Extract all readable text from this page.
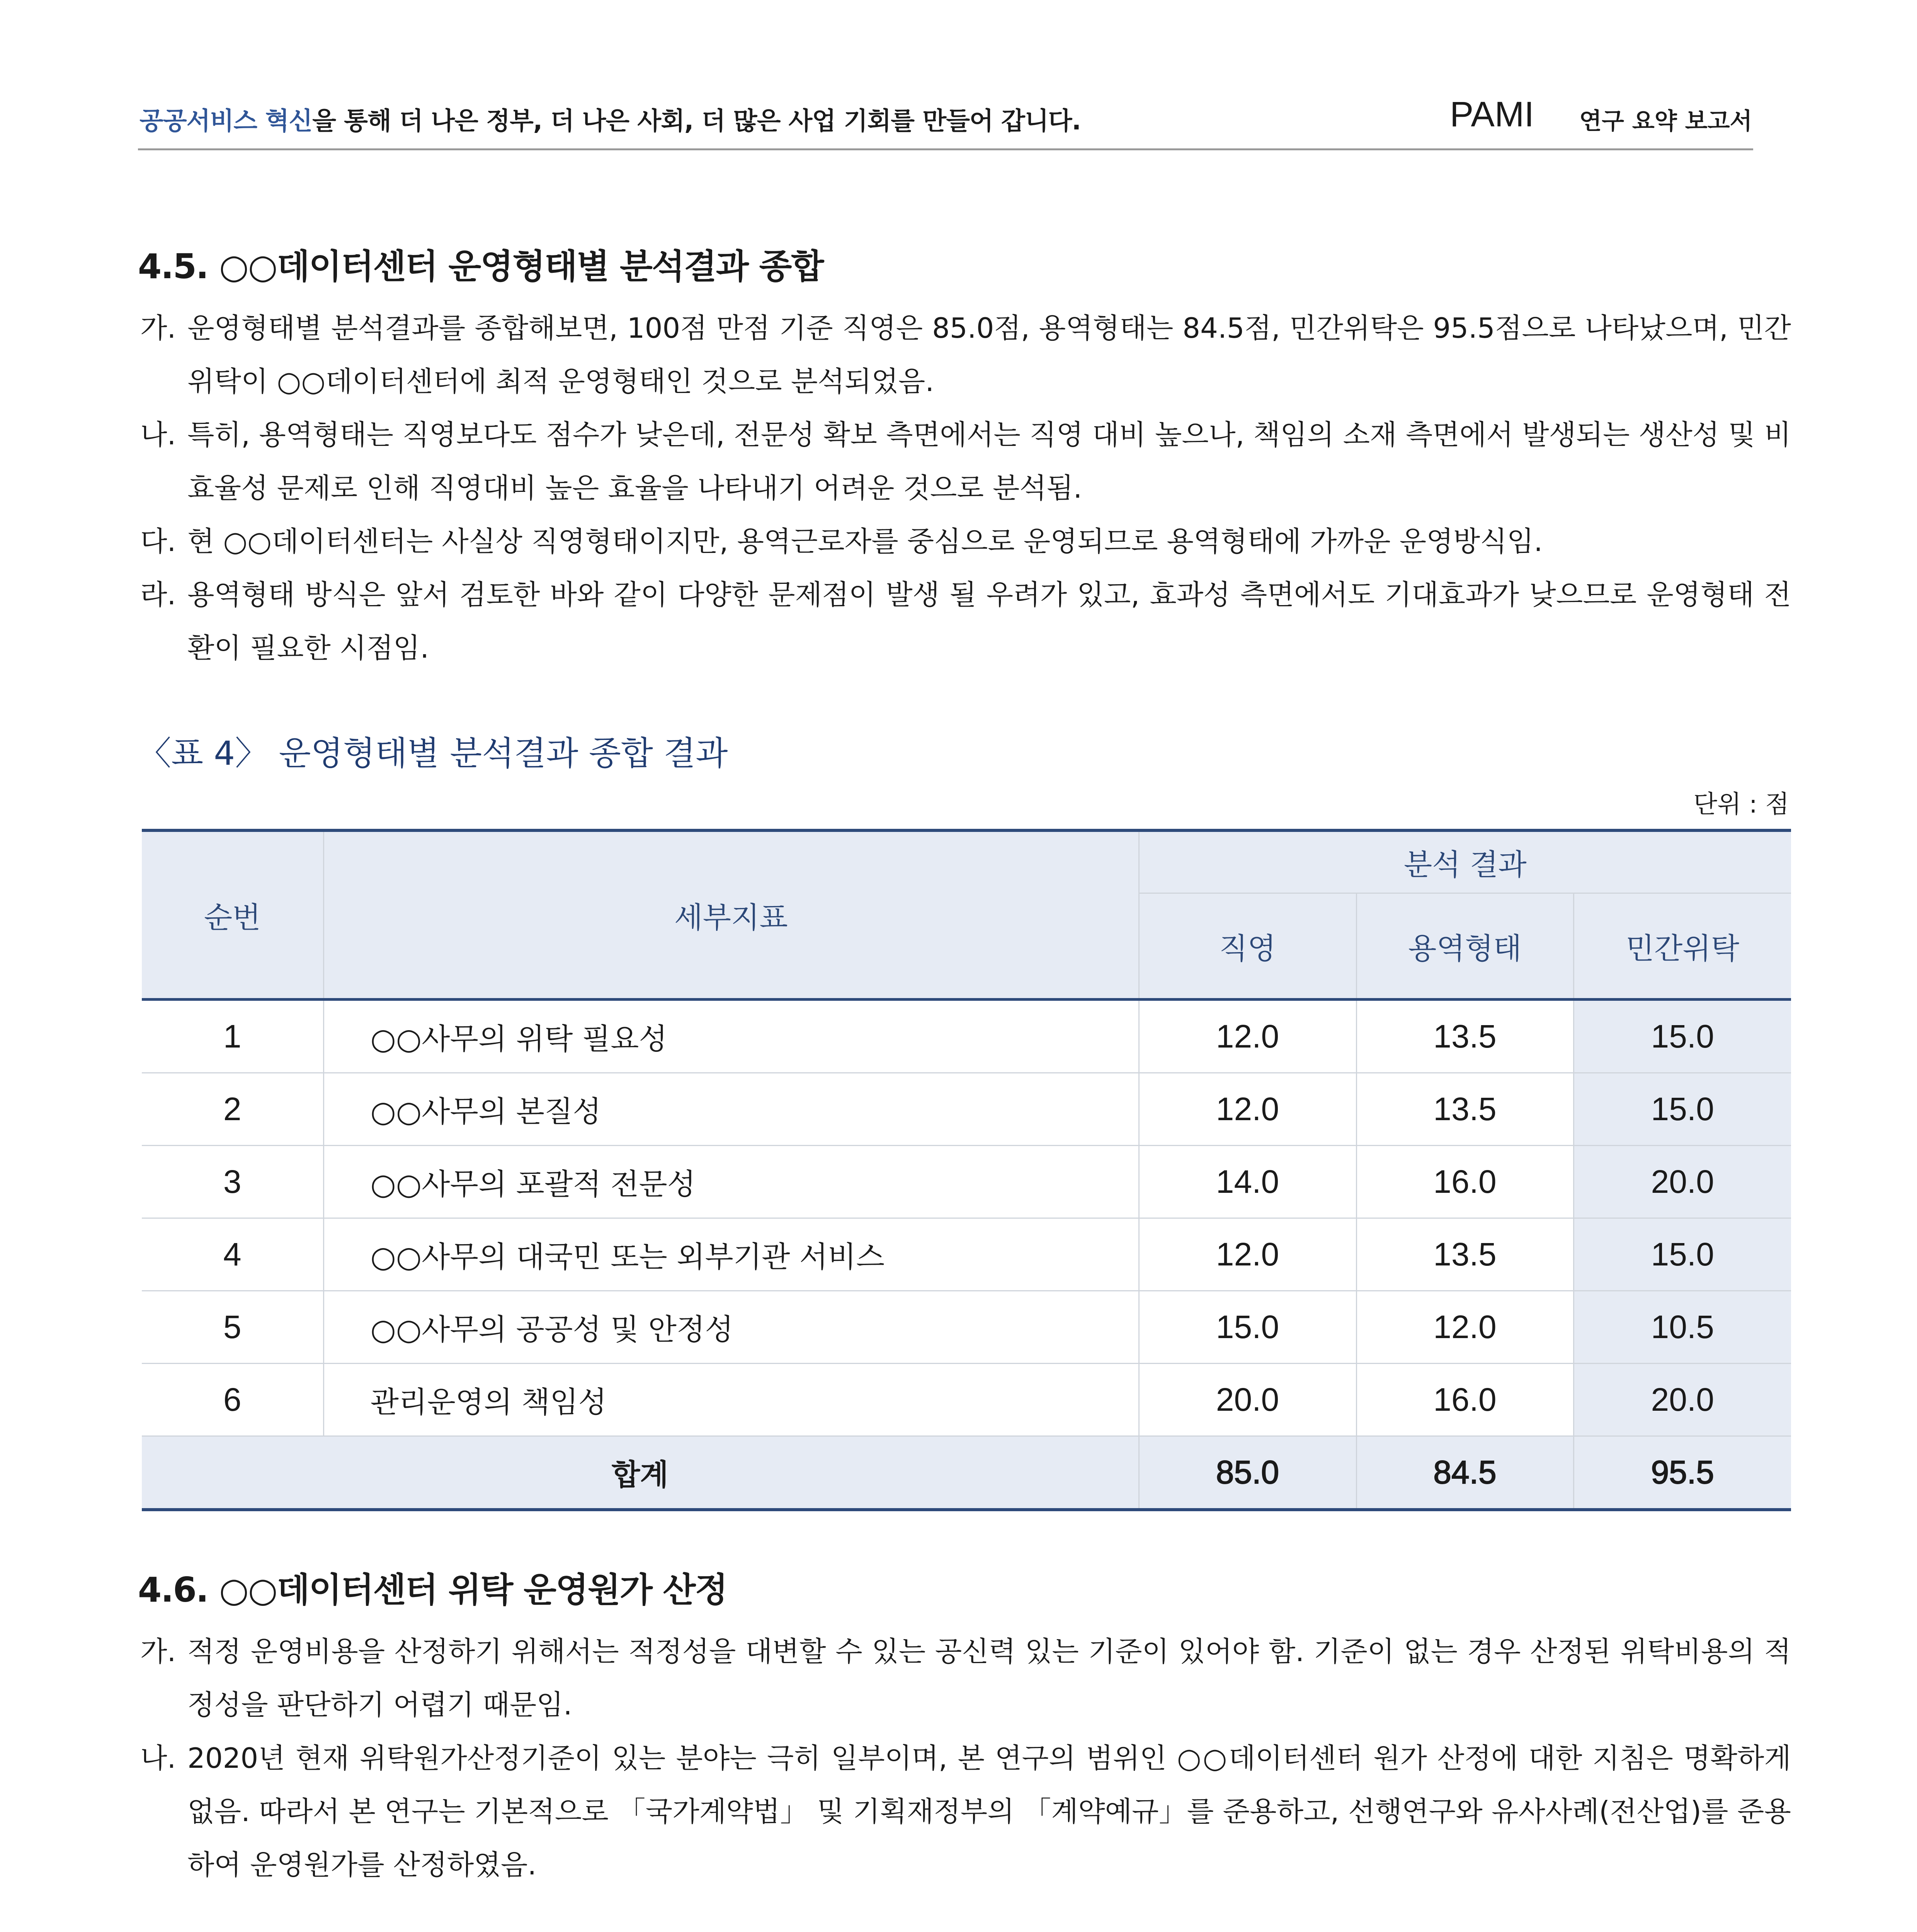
공공서비스 혁신을 통해 더 나은 정부, 더 나은 사회, 더 많은 사업 기회를 만들어 갑니다.	PAMI 연구 요약 보고서
4.5. ○○데이터센터 운영형태별 분석결과 종합
가. 운영형태별 분석결과를 종합해보면, 100점 만점 기준 직영은 85.0점, 용역형태는 84.5점, 민간위탁은 95.5점으로 나타났으며, 민간위탁이 ○○데이터센터에 최적 운영형태인 것으로 분석되었음.
나. 특히, 용역형태는 직영보다도 점수가 낮은데, 전문성 확보 측면에서는 직영 대비 높으나, 책임의 소재 측면에서 발생되는 생산성 및 비효율성 문제로 인해 직영대비 높은 효율을 나타내기 어려운 것으로 분석됨.
다. 현 ○○데이터센터는 사실상 직영형태이지만, 용역근로자를 중심으로 운영되므로 용역형태에 가까운 운영방식임.
라. 용역형태 방식은 앞서 검토한 바와 같이 다양한 문제점이 발생 될 우려가 있고, 효과성 측면에서도 기대효과가 낮으므로 운영형태 전환이 필요한 시점임.
〈표 4〉 운영형태별 분석결과 종합 결과
단위 : 점
순번	세부지표	분석 결과		
		직영	용역형태	민간위탁
1	○○사무의 위탁 필요성	12.0	13.5	15.0
2	○○사무의 본질성	12.0	13.5	15.0
3	○○사무의 포괄적 전문성	14.0	16.0	20.0
4	○○사무의 대국민 또는 외부기관 서비스	12.0	13.5	15.0
5	○○사무의 공공성 및 안정성	15.0	12.0	10.5
6	관리운영의 책임성	20.0	16.0	20.0
합계		85.0	84.5	95.5
4.6. ○○데이터센터 위탁 운영원가 산정
가. 적정 운영비용을 산정하기 위해서는 적정성을 대변할 수 있는 공신력 있는 기준이 있어야 함. 기준이 없는 경우 산정된 위탁비용의 적정성을 판단하기 어렵기 때문임.
나. 2020년 현재 위탁원가산정기준이 있는 분야는 극히 일부이며, 본 연구의 범위인 ○○데이터센터 원가 산정에 대한 지침은 명확하게 없음. 따라서 본 연구는 기본적으로 「국가계약법」 및 기획재정부의 「계약예규」를 준용하고, 선행연구와 유사사례(전산업)를 준용하여 운영원가를 산정하였음.
